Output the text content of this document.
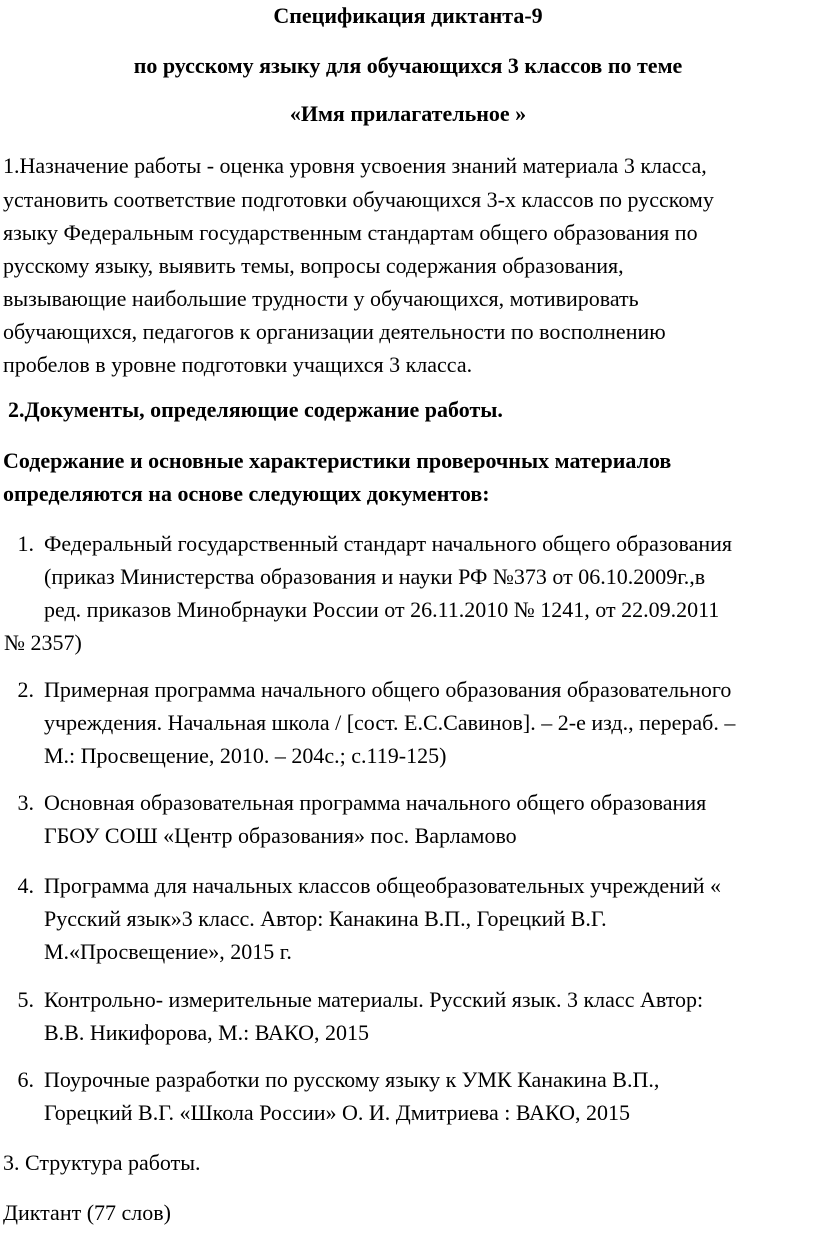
Спецификация диктанта-9
по русскому языку для обучающихся 3 классов по теме
«Имя прилагательное »
1.Назначение работы - оценка уровня усвоения знаний материала 3 класса,
установить соответствие подготовки обучающихся 3-х классов по русскому
языку Федеральным государственным стандартам общего образования по
русскому языку, выявить темы, вопросы содержания образования,
вызывающие наибольшие трудности у обучающихся, мотивировать
обучающихся, педагогов к организации деятельности по восполнению
пробелов в уровне подготовки учащихся 3 класса.
2.Документы, определяющие содержание работы.
Содержание и основные характеристики проверочных материалов
определяются на основе следующих документов:
1. Федеральный государственный стандарт начального общего образования
(приказ Министерства образования и науки РФ №373 от 06.10.2009г.,в
ред. приказов Минобрнауки России от 26.11.2010 № 1241, от 22.09.2011
№ 2357)
2. Примерная программа начального общего образования образовательного
учреждения. Начальная школа / [сост. Е.С.Савинов]. – 2-е изд., перераб. –
М.: Просвещение, 2010. – 204с.; с.119-125)
3. Основная образовательная программа начального общего образования
ГБОУ СОШ «Центр образования» пос. Варламово
4. Программа для начальных классов общеобразовательных учреждений «
Русский язык»3 класс. Автор: Канакина В.П., Горецкий В.Г.
М.«Просвещение», 2015 г.
5. Контрольно- измерительные материалы. Русский язык. 3 класс Автор:
В.В. Никифорова, М.: ВАКО, 2015
6. Поурочные разработки по русскому языку к УМК Канакина В.П.,
Горецкий В.Г. «Школа России» О. И. Дмитриева : ВАКО, 2015
3. Структура работы.
Диктант (77 слов)
